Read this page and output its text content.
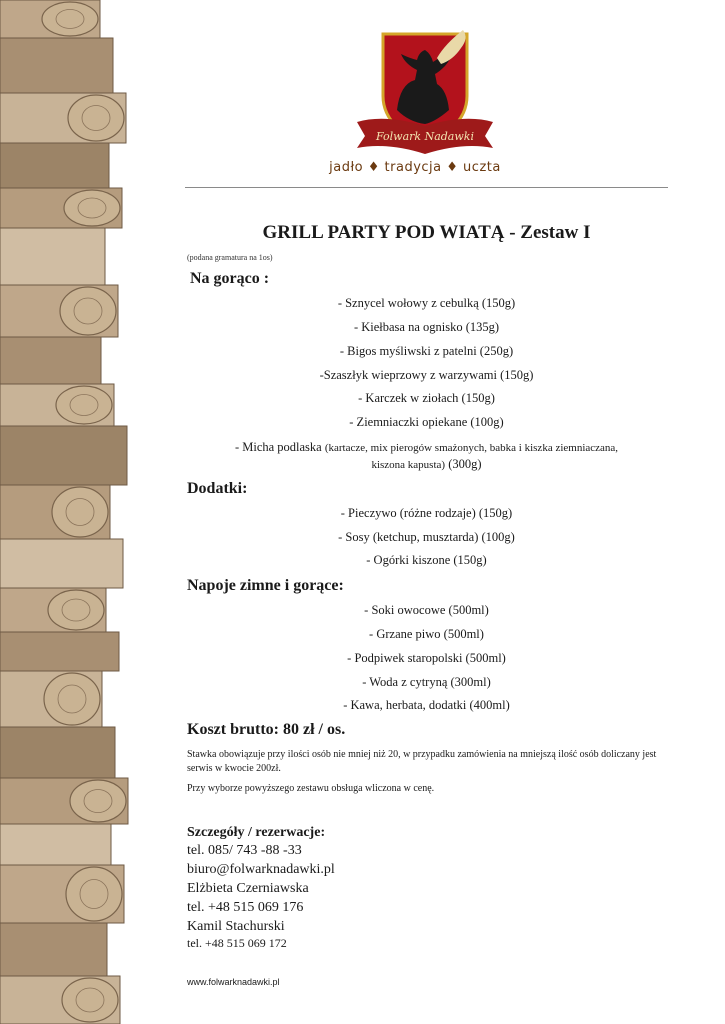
Folwark Nadawki
jadło ♦ tradycja ♦ uczta
GRILL PARTY POD WIATĄ - Zestaw I
(podana gramatura na 1os)
Na gorąco :
- Sznycel wołowy z cebulką (150g)
- Kiełbasa na ognisko (135g)
- Bigos myśliwski z patelni (250g)
-Szaszłyk wieprzowy z warzywami (150g)
- Karczek w ziołach (150g)
- Ziemniaczki opiekane (100g)
- Micha podlaska (kartacze, mix pierogów smażonych, babka i kiszka ziemniaczana,
kiszona kapusta) (300g)
Dodatki:
- Pieczywo (różne rodzaje) (150g)
- Sosy (ketchup, musztarda) (100g)
- Ogórki kiszone (150g)
Napoje zimne i gorące:
- Soki owocowe (500ml)
- Grzane piwo (500ml)
- Podpiwek staropolski (500ml)
- Woda z cytryną (300ml)
- Kawa, herbata, dodatki (400ml)
Koszt brutto: 80 zł / os.
Stawka obowiązuje przy ilości osób nie mniej niż 20, w przypadku zamówienia na mniejszą ilość osób doliczany jest serwis w kwocie 200zł.
Przy wyborze powyższego zestawu obsługa wliczona w cenę.
Szczegóły / rezerwacje:
tel. 085/ 743 -88 -33
biuro@folwarknadawki.pl
Elżbieta Czerniawska
tel. +48 515 069 176
Kamil Stachurski
tel. +48 515 069 172
www.folwarknadawki.pl
